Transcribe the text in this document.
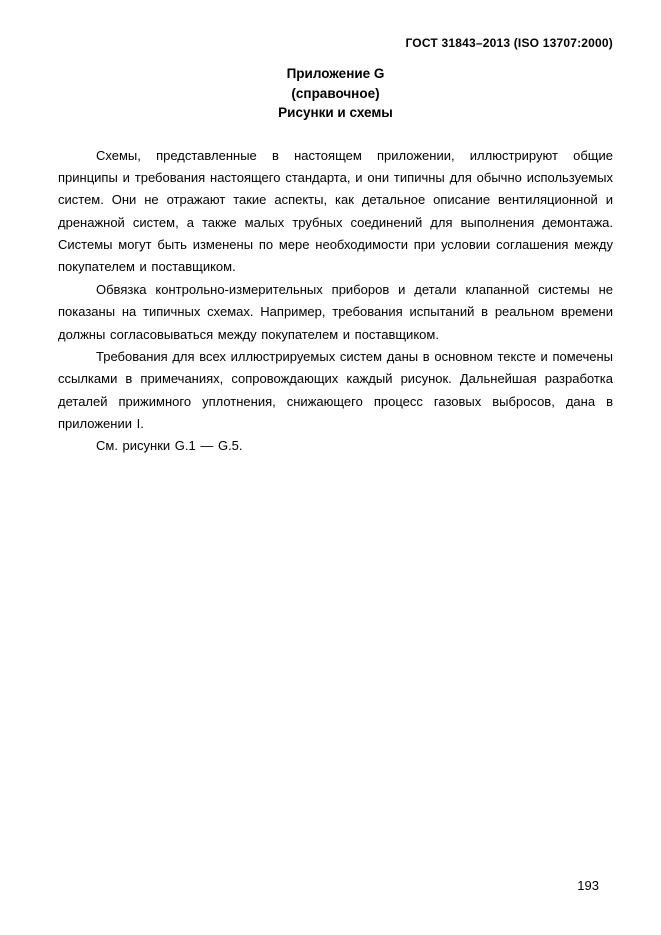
ГОСТ 31843–2013 (ISO 13707:2000)
Приложение G
(справочное)
Рисунки и схемы

Схемы, представленные в настоящем приложении, иллюстрируют общие принципы и требования настоящего стандарта, и они типичны для обычно используемых систем. Они не отражают такие аспекты, как детальное описание вентиляционной и дренажной систем, а также малых трубных соединений для выполнения демонтажа. Системы могут быть изменены по мере необходимости при условии соглашения между покупателем и поставщиком.

Обвязка контрольно-измерительных приборов и детали клапанной системы не показаны на типичных схемах. Например, требования испытаний в реальном времени должны согласовываться между покупателем и поставщиком.

Требования для всех иллюстрируемых систем даны в основном тексте и помечены ссылками в примечаниях, сопровождающих каждый рисунок. Дальнейшая разработка деталей прижимного уплотнения, снижающего процесс газовых выбросов, дана в приложении I.

См. рисунки G.1 — G.5.

193
